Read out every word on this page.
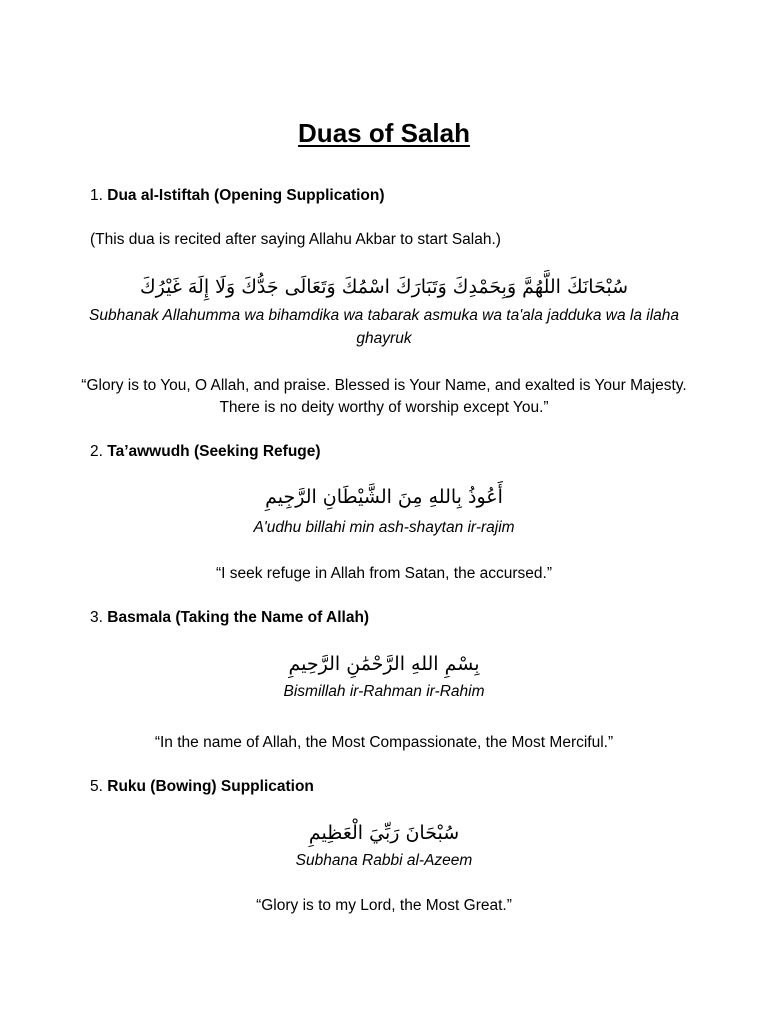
Duas of Salah
1. Dua al-Istiftah (Opening Supplication)
(This dua is recited after saying Allahu Akbar to start Salah.)
سُبْحَانَكَ اللَّهُمَّ وَبِحَمْدِكَ وَتَبَارَكَ اسْمُكَ وَتَعَالَى جَدُّكَ وَلَا إِلَهَ غَيْرُكَ
Subhanak Allahumma wa bihamdika wa tabarak asmuka wa ta'ala jadduka wa la ilaha ghayruk
“Glory is to You, O Allah, and praise. Blessed is Your Name, and exalted is Your Majesty. There is no deity worthy of worship except You.”
2. Ta’awwudh (Seeking Refuge)
أَعُوذُ بِاللهِ مِنَ الشَّيْطَانِ الرَّجِيمِ
A'udhu billahi min ash-shaytan ir-rajim
“I seek refuge in Allah from Satan, the accursed.”
3. Basmala (Taking the Name of Allah)
بِسْمِ اللهِ الرَّحْمَٰنِ الرَّحِيمِ
Bismillah ir-Rahman ir-Rahim
“In the name of Allah, the Most Compassionate, the Most Merciful.”
5. Ruku (Bowing) Supplication
سُبْحَانَ رَبِّيَ الْعَظِيمِ
Subhana Rabbi al-Azeem
“Glory is to my Lord, the Most Great.”
